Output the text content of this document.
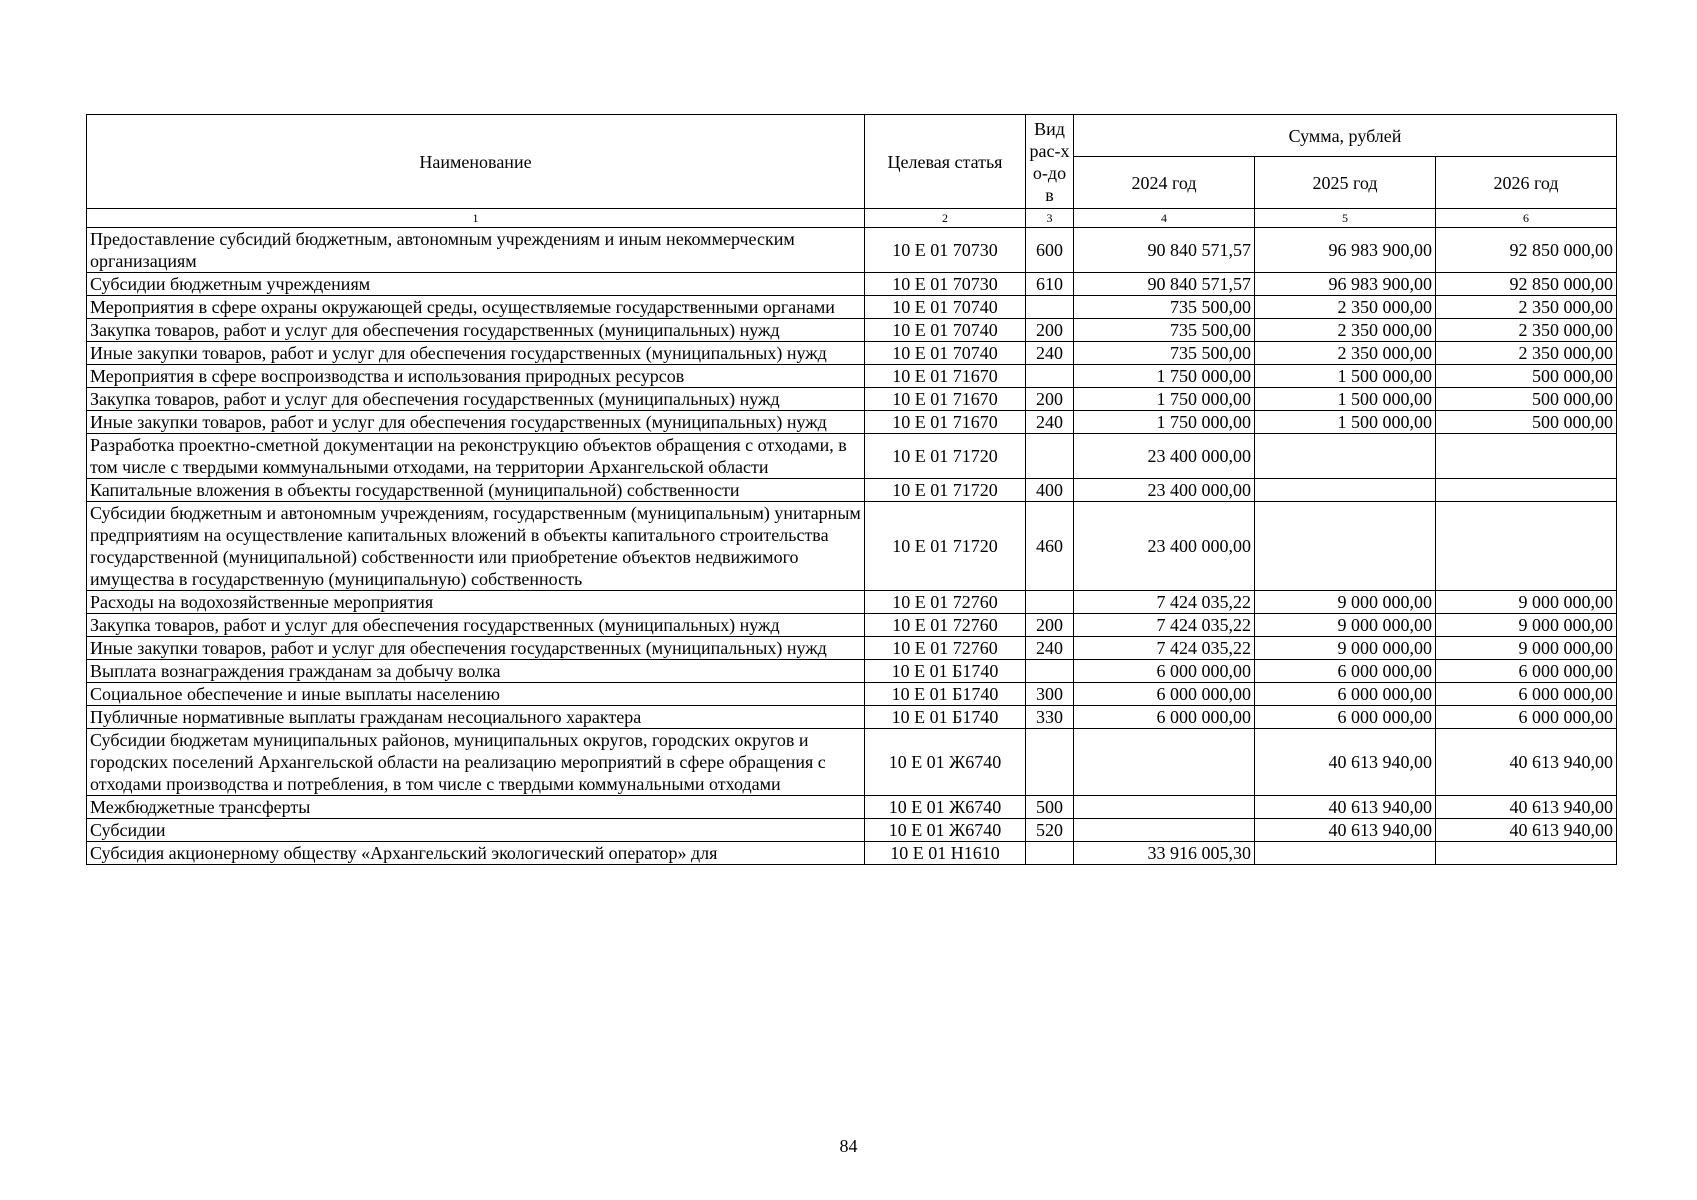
Наименование	Целевая статья	Вид рас-хо-дов	Сумма, рублей		
			2024 год	2025 год	2026 год
1	2	3	4	5	6
Предоставление субсидий бюджетным, автономным учреждениям и иным некоммерческим организациям	10 Е 01 70730	600	90 840 571,57	96 983 900,00	92 850 000,00
Субсидии бюджетным учреждениям	10 Е 01 70730	610	90 840 571,57	96 983 900,00	92 850 000,00
Мероприятия в сфере охраны окружающей среды, осуществляемые государственными органами	10 Е 01 70740		735 500,00	2 350 000,00	2 350 000,00
Закупка товаров, работ и услуг для обеспечения государственных (муниципальных) нужд	10 Е 01 70740	200	735 500,00	2 350 000,00	2 350 000,00
Иные закупки товаров, работ и услуг для обеспечения государственных (муниципальных) нужд	10 Е 01 70740	240	735 500,00	2 350 000,00	2 350 000,00
Мероприятия в сфере воспроизводства и использования природных ресурсов	10 Е 01 71670		1 750 000,00	1 500 000,00	500 000,00
Закупка товаров, работ и услуг для обеспечения государственных (муниципальных) нужд	10 Е 01 71670	200	1 750 000,00	1 500 000,00	500 000,00
Иные закупки товаров, работ и услуг для обеспечения государственных (муниципальных) нужд	10 Е 01 71670	240	1 750 000,00	1 500 000,00	500 000,00
Разработка проектно-сметной документации на реконструкцию объектов обращения с отходами, в том числе с твердыми коммунальными отходами, на территории Архангельской области	10 Е 01 71720		23 400 000,00		
Капитальные вложения в объекты государственной (муниципальной) собственности	10 Е 01 71720	400	23 400 000,00		
Субсидии бюджетным и автономным учреждениям, государственным (муниципальным) унитарным предприятиям на осуществление капитальных вложений в объекты капитального строительства государственной (муниципальной) собственности или приобретение объектов недвижимого имущества в государственную (муниципальную) собственность	10 Е 01 71720	460	23 400 000,00		
Расходы на водохозяйственные мероприятия	10 Е 01 72760		7 424 035,22	9 000 000,00	9 000 000,00
Закупка товаров, работ и услуг для обеспечения государственных (муниципальных) нужд	10 Е 01 72760	200	7 424 035,22	9 000 000,00	9 000 000,00
Иные закупки товаров, работ и услуг для обеспечения государственных (муниципальных) нужд	10 Е 01 72760	240	7 424 035,22	9 000 000,00	9 000 000,00
Выплата вознаграждения гражданам за добычу волка	10 Е 01 Б1740		6 000 000,00	6 000 000,00	6 000 000,00
Социальное обеспечение и иные выплаты населению	10 Е 01 Б1740	300	6 000 000,00	6 000 000,00	6 000 000,00
Публичные нормативные выплаты гражданам несоциального характера	10 Е 01 Б1740	330	6 000 000,00	6 000 000,00	6 000 000,00
Субсидии бюджетам муниципальных районов, муниципальных округов, городских округов и городских поселений Архангельской области на реализацию мероприятий в сфере обращения с отходами производства и потребления, в том числе с твердыми коммунальными отходами	10 Е 01 Ж6740			40 613 940,00	40 613 940,00
Межбюджетные трансферты	10 Е 01 Ж6740	500		40 613 940,00	40 613 940,00
Субсидии	10 Е 01 Ж6740	520		40 613 940,00	40 613 940,00
Субсидия акционерному обществу «Архангельский экологический оператор» для	10 Е 01 Н1610		33 916 005,30		
84
